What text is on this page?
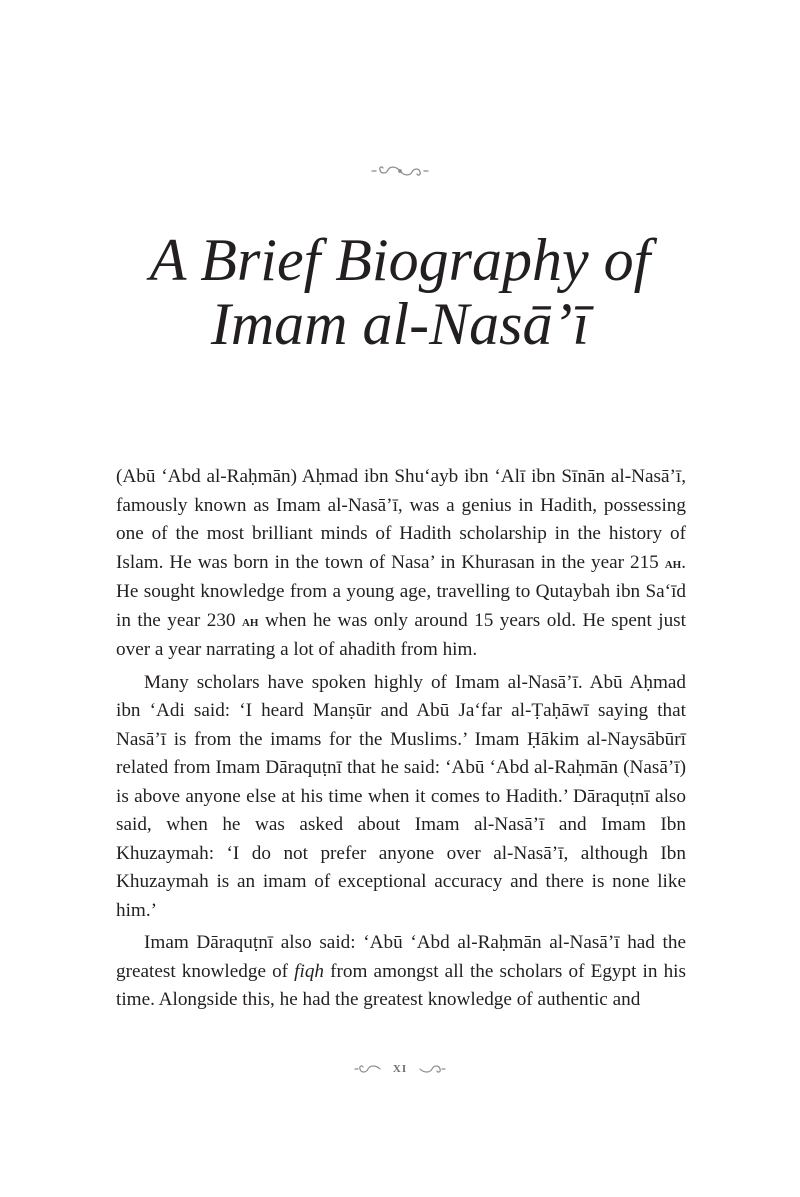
A Brief Biography of
Imam al-Nasā’ī

(Abū ‘Abd al-Raḥmān) Aḥmad ibn Shu‘ayb ibn ‘Alī ibn Sīnān al-Nasā’ī, famously known as Imam al-Nasā’ī, was a genius in Hadith, possessing one of the most brilliant minds of Hadith scholarship in the history of Islam. He was born in the town of Nasa’ in Khurasan in the year 215 ah. He sought knowledge from a young age, travelling to Qutaybah ibn Sa‘īd in the year 230 ah when he was only around 15 years old. He spent just over a year narrating a lot of ahadith from him.

Many scholars have spoken highly of Imam al-Nasā’ī. Abū Aḥmad ibn ‘Adi said: ‘I heard Manṣūr and Abū Ja‘far al-Ṭaḥāwī saying that Nasā’ī is from the imams for the Muslims.’ Imam Ḥākim al-Naysābūrī related from Imam Dāraquṭnī that he said: ‘Abū ‘Abd al-Raḥmān (Nasā’ī) is above anyone else at his time when it comes to Hadith.’ Dāraquṭnī also said, when he was asked about Imam al-Nasā’ī and Imam Ibn Khuzaymah: ‘I do not prefer anyone over al-Nasā’ī, although Ibn Khuzaymah is an imam of exceptional accuracy and there is none like him.’

Imam Dāraquṭnī also said: ‘Abū ‘Abd al-Raḥmān al-Nasā’ī had the greatest knowledge of fiqh from amongst all the scholars of Egypt in his time. Alongside this, he had the greatest knowledge of authentic and

xi
